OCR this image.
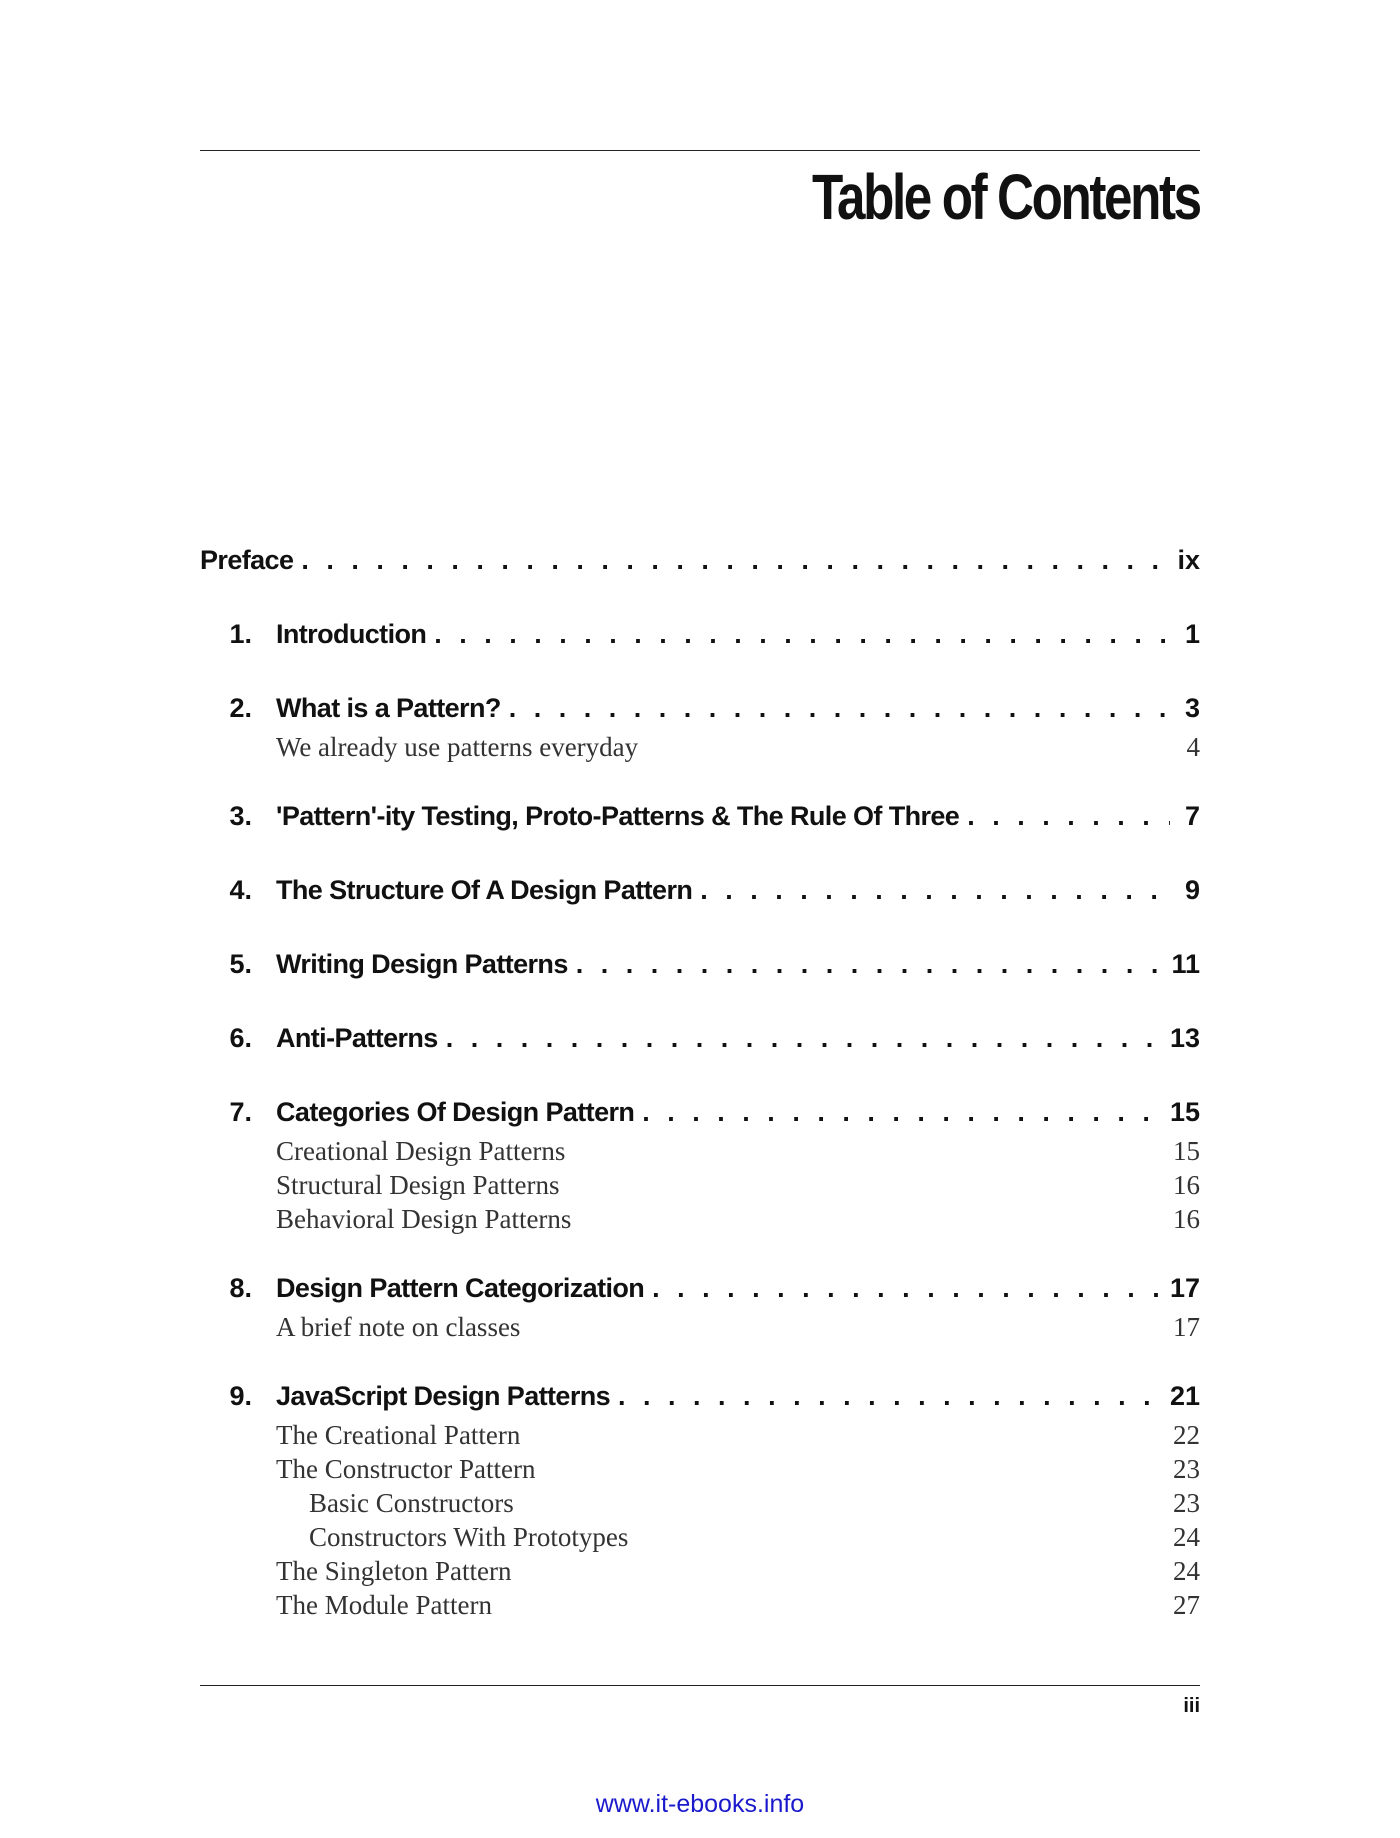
Table of Contents
Preface . . .	ix
1. Introduction . . .	1
2. What is a Pattern? . . .	3
We already use patterns everyday	4
3. 'Pattern'-ity Testing, Proto-Patterns & The Rule Of Three . . .	7
4. The Structure Of A Design Pattern . . .	9
5. Writing Design Patterns . . .	11
6. Anti-Patterns . . .	13
7. Categories Of Design Pattern . . .	15
Creational Design Patterns	15
Structural Design Patterns	16
Behavioral Design Patterns	16
8. Design Pattern Categorization . . .	17
A brief note on classes	17
9. JavaScript Design Patterns . . .	21
The Creational Pattern	22
The Constructor Pattern	23
Basic Constructors	23
Constructors With Prototypes	24
The Singleton Pattern	24
The Module Pattern	27
iii
www.it-ebooks.info
